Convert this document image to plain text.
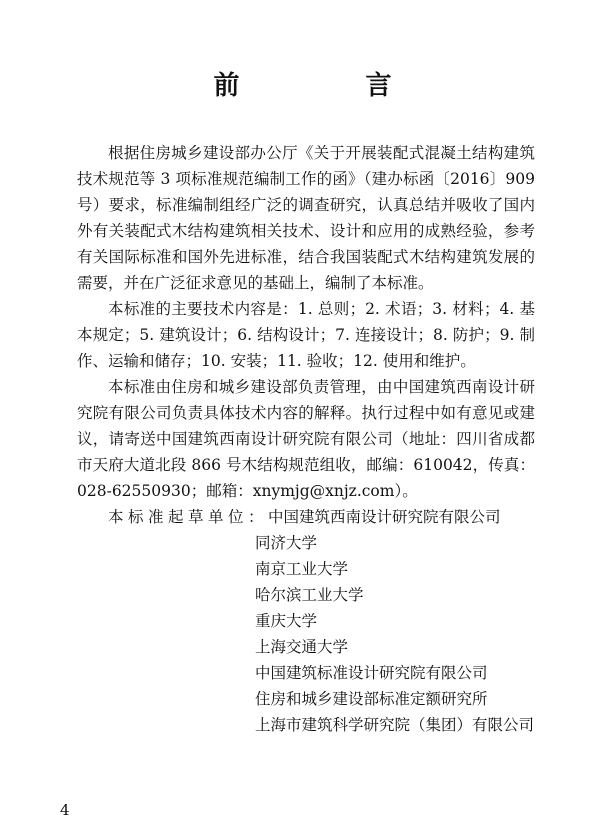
前　言

根据住房城乡建设部办公厅《关于开展装配式混凝土结构建筑技术规范等 3 项标准规范编制工作的函》（建办标函〔2016〕909 号）要求，标准编制组经广泛的调查研究，认真总结并吸收了国内外有关装配式木结构建筑相关技术、设计和应用的成熟经验，参考有关国际标准和国外先进标准，结合我国装配式木结构建筑发展的需要，并在广泛征求意见的基础上，编制了本标准。

本标准的主要技术内容是：1. 总则；2. 术语；3. 材料；4. 基本规定；5. 建筑设计；6. 结构设计；7. 连接设计；8. 防护；9. 制作、运输和储存；10. 安装；11. 验收；12. 使用和维护。

本标准由住房和城乡建设部负责管理，由中国建筑西南设计研究院有限公司负责具体技术内容的解释。执行过程中如有意见或建议，请寄送中国建筑西南设计研究院有限公司（地址：四川省成都市天府大道北段 866 号木结构规范组收，邮编：610042，传真：028-62550930；邮箱：xnymjg@xnjz.com）。

本标准起草单位：中国建筑西南设计研究院有限公司
同济大学
南京工业大学
哈尔滨工业大学
重庆大学
上海交通大学
中国建筑标准设计研究院有限公司
住房和城乡建设部标准定额研究所
上海市建筑科学研究院（集团）有限公司
4
